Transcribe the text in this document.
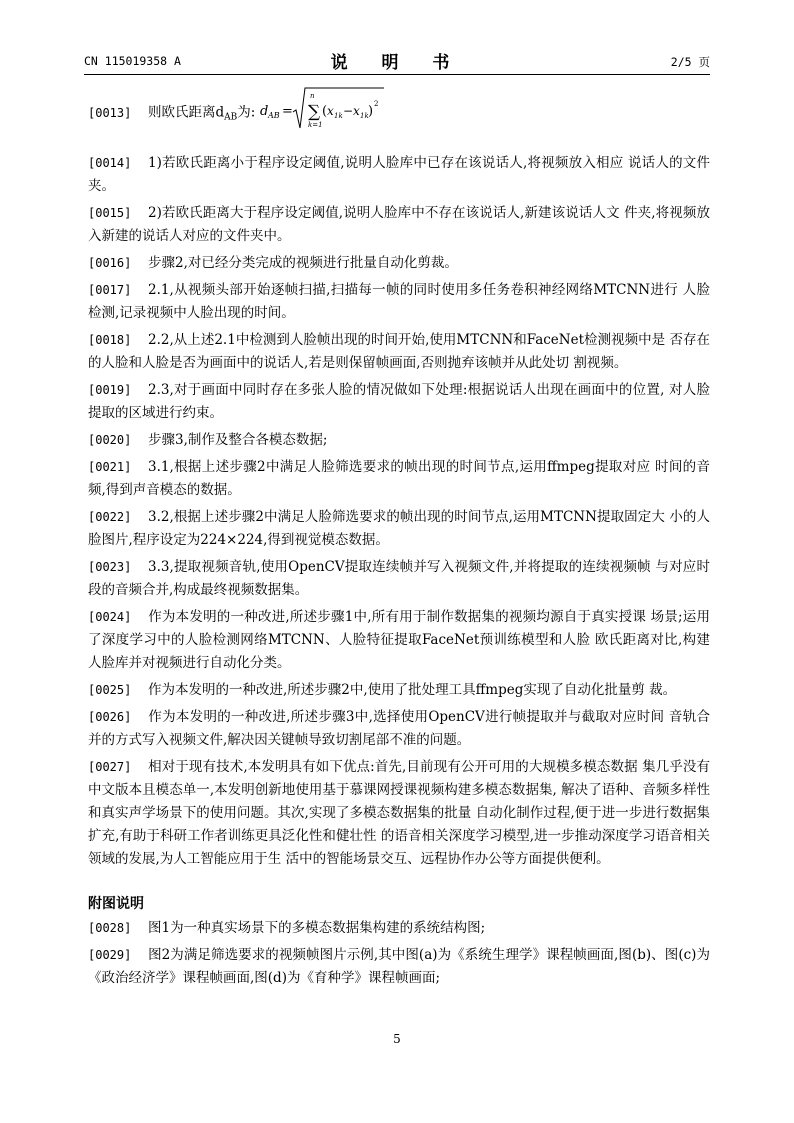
CN 115019358 A	说 明 书	2/5 页

[0013] 则欧氏距离$d_{AB}$为: d AB =
n
∑
k=1
( x 1k − x 1k ) 2

[0014] 1)若欧氏距离小于程序设定阈值,说明人脸库中已存在该说话人,将视频放入相应 说话人的文件夹。

[0015] 2)若欧氏距离大于程序设定阈值,说明人脸库中不存在该说话人,新建该说话人文 件夹,将视频放入新建的说话人对应的文件夹中。

[0016] 步骤2,对已经分类完成的视频进行批量自动化剪裁。

[0017] 2.1,从视频头部开始逐帧扫描,扫描每一帧的同时使用多任务卷积神经网络MTCNN进行 人脸检测,记录视频中人脸出现的时间。

[0018] 2.2,从上述2.1中检测到人脸帧出现的时间开始,使用MTCNN和FaceNet检测视频中是 否存在的人脸和人脸是否为画面中的说话人,若是则保留帧画面,否则抛弃该帧并从此处切 割视频。

[0019] 2.3,对于画面中同时存在多张人脸的情况做如下处理:根据说话人出现在画面中的位置, 对人脸提取的区域进行约束。

[0020] 步骤3,制作及整合各模态数据;

[0021] 3.1,根据上述步骤2中满足人脸筛选要求的帧出现的时间节点,运用ffmpeg提取对应 时间的音频,得到声音模态的数据。

[0022] 3.2,根据上述步骤2中满足人脸筛选要求的帧出现的时间节点,运用MTCNN提取固定大 小的人脸图片,程序设定为224×224,得到视觉模态数据。

[0023] 3.3,提取视频音轨,使用OpenCV提取连续帧并写入视频文件,并将提取的连续视频帧 与对应时段的音频合并,构成最终视频数据集。

[0024] 作为本发明的一种改进,所述步骤1中,所有用于制作数据集的视频均源自于真实授课 场景;运用了深度学习中的人脸检测网络MTCNN、人脸特征提取FaceNet预训练模型和人脸 欧氏距离对比,构建人脸库并对视频进行自动化分类。

[0025] 作为本发明的一种改进,所述步骤2中,使用了批处理工具ffmpeg实现了自动化批量剪 裁。

[0026] 作为本发明的一种改进,所述步骤3中,选择使用OpenCV进行帧提取并与截取对应时间 音轨合并的方式写入视频文件,解决因关键帧导致切割尾部不准的问题。

[0027] 相对于现有技术,本发明具有如下优点:首先,目前现有公开可用的大规模多模态数据 集几乎没有中文版本且模态单一,本发明创新地使用基于慕课网授课视频构建多模态数据集, 解决了语种、音频多样性和真实声学场景下的使用问题。其次,实现了多模态数据集的批量 自动化制作过程,便于进一步进行数据集扩充,有助于科研工作者训练更具泛化性和健壮性 的语音相关深度学习模型,进一步推动深度学习语音相关领域的发展,为人工智能应用于生 活中的智能场景交互、远程协作办公等方面提供便利。

附图说明

[0028] 图1为一种真实场景下的多模态数据集构建的系统结构图;

[0029] 图2为满足筛选要求的视频帧图片示例,其中图(a)为《系统生理学》课程帧画面,图(b)、图(c)为《政治经济学》课程帧画面,图(d)为《育种学》课程帧画面;

5
